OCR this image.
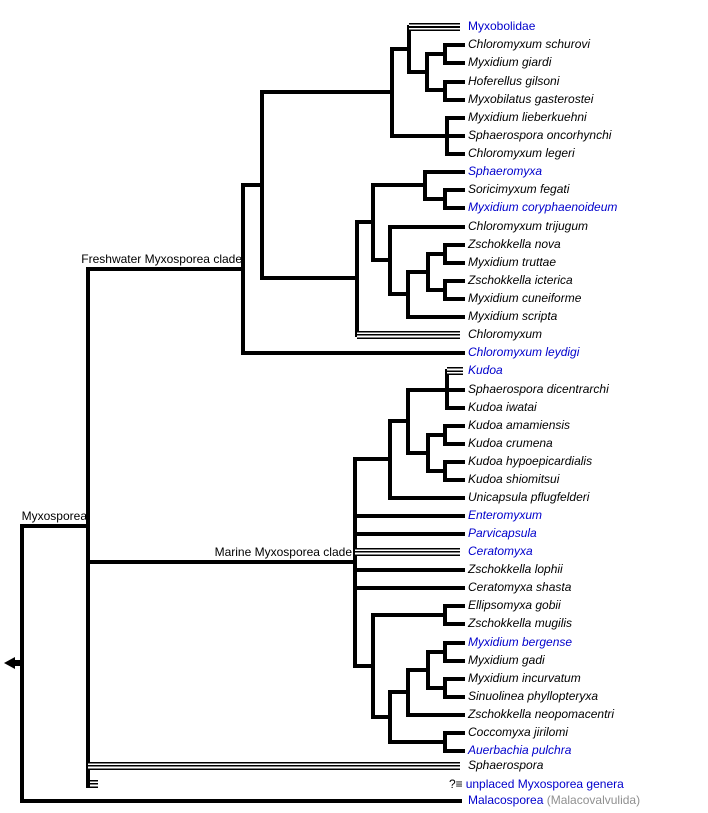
Myxobolidae
Chloromyxum schurovi
Myxidium giardi
Hoferellus gilsoni
Myxobilatus gasterostei
Myxidium lieberkuehni
Sphaerospora oncorhynchi
Chloromyxum legeri
Sphaeromyxa
Soricimyxum fegati
Myxidium coryphaenoideum
Chloromyxum trijugum
Zschokkella nova
Myxidium truttae
Zschokkella icterica
Myxidium cuneiforme
Myxidium scripta
Chloromyxum
Chloromyxum leydigi
Kudoa
Sphaerospora dicentrarchi
Kudoa iwatai
Kudoa amamiensis
Kudoa crumena
Kudoa hypoepicardialis
Kudoa shiomitsui
Unicapsula pflugfelderi
Enteromyxum
Parvicapsula
Ceratomyxa
Zschokkella lophii
Ceratomyxa shasta
Ellipsomyxa gobii
Zschokkella mugilis
Myxidium bergense
Myxidium gadi
Myxidium incurvatum
Sinuolinea phyllopteryxa
Zschokkella neopomacentri
Coccomyxa jirilomi
Auerbachia pulchra
Sphaerospora
?≡ unplaced Myxosporea genera
Malacosporea (Malacovalvulida)
Freshwater Myxosporea clade
Marine Myxosporea clade
Myxosporea
